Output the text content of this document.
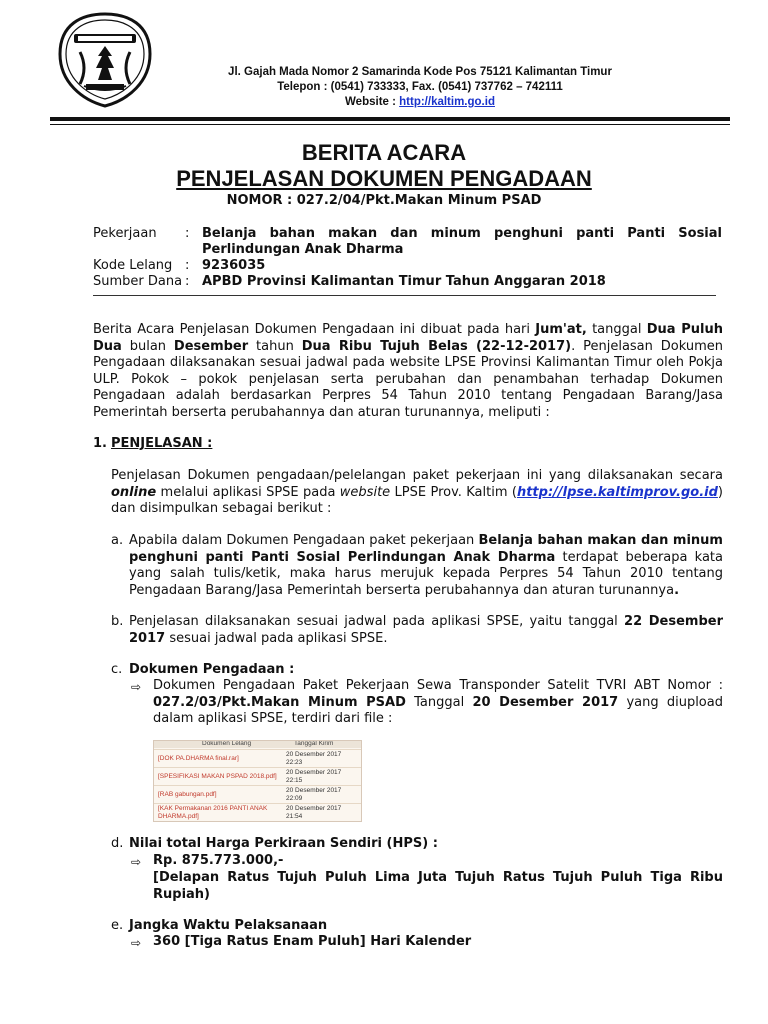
Jl. Gajah Mada Nomor 2 Samarinda Kode Pos 75121 Kalimantan Timur
Telepon : (0541) 733333, Fax. (0541) 737762 – 742111
Website : http://kaltim.go.id
BERITA ACARA
PENJELASAN DOKUMEN PENGADAAN
NOMOR : 027.2/04/Pkt.Makan Minum PSAD
Pekerjaan : Belanja bahan makan dan minum penghuni panti Panti Sosial Perlindungan Anak Dharma
Kode Lelang : 9236035
Sumber Dana : APBD Provinsi Kalimantan Timur Tahun Anggaran 2018
Berita Acara Penjelasan Dokumen Pengadaan ini dibuat pada hari Jum'at, tanggal Dua Puluh Dua bulan Desember tahun Dua Ribu Tujuh Belas (22-12-2017). Penjelasan Dokumen Pengadaan dilaksanakan sesuai jadwal pada website LPSE Provinsi Kalimantan Timur oleh Pokja ULP. Pokok – pokok penjelasan serta perubahan dan penambahan terhadap Dokumen Pengadaan adalah berdasarkan Perpres 54 Tahun 2010 tentang Pengadaan Barang/Jasa Pemerintah berserta perubahannya dan aturan turunannya, meliputi :
1. PENJELASAN :
Penjelasan Dokumen pengadaan/pelelangan paket pekerjaan ini yang dilaksanakan secara online melalui aplikasi SPSE pada website LPSE Prov. Kaltim (http://lpse.kaltimprov.go.id) dan disimpulkan sebagai berikut :
a. Apabila dalam Dokumen Pengadaan paket pekerjaan Belanja bahan makan dan minum penghuni panti Panti Sosial Perlindungan Anak Dharma terdapat beberapa kata yang salah tulis/ketik, maka harus merujuk kepada Perpres 54 Tahun 2010 tentang Pengadaan Barang/Jasa Pemerintah berserta perubahannya dan aturan turunannya.
b. Penjelasan dilaksanakan sesuai jadwal pada aplikasi SPSE, yaitu tanggal 22 Desember 2017 sesuai jadwal pada aplikasi SPSE.
c. Dokumen Pengadaan :
⇨ Dokumen Pengadaan Paket Pekerjaan Sewa Transponder Satelit TVRI ABT Nomor : 027.2/03/Pkt.Makan Minum PSAD Tanggal 20 Desember 2017 yang diupload dalam aplikasi SPSE, terdiri dari file :
Dokumen Lelang	Tanggal Kirim
[DOK PA.DHARMA final.rar]
20 Desember 2017 22:23
[SPESIFIKASI MAKAN PSPAD 2018.pdf]
20 Desember 2017 22:15
[RAB gabungan.pdf]
20 Desember 2017 22:09
[KAK Permakanan 2016 PANTI ANAK DHARMA.pdf]
20 Desember 2017 21:54
d. Nilai total Harga Perkiraan Sendiri (HPS) :
⇨ Rp. 875.773.000,-
[Delapan Ratus Tujuh Puluh Lima Juta Tujuh Ratus Tujuh Puluh Tiga Ribu Rupiah)
e. Jangka Waktu Pelaksanaan
⇨ 360 [Tiga Ratus Enam Puluh] Hari Kalender
